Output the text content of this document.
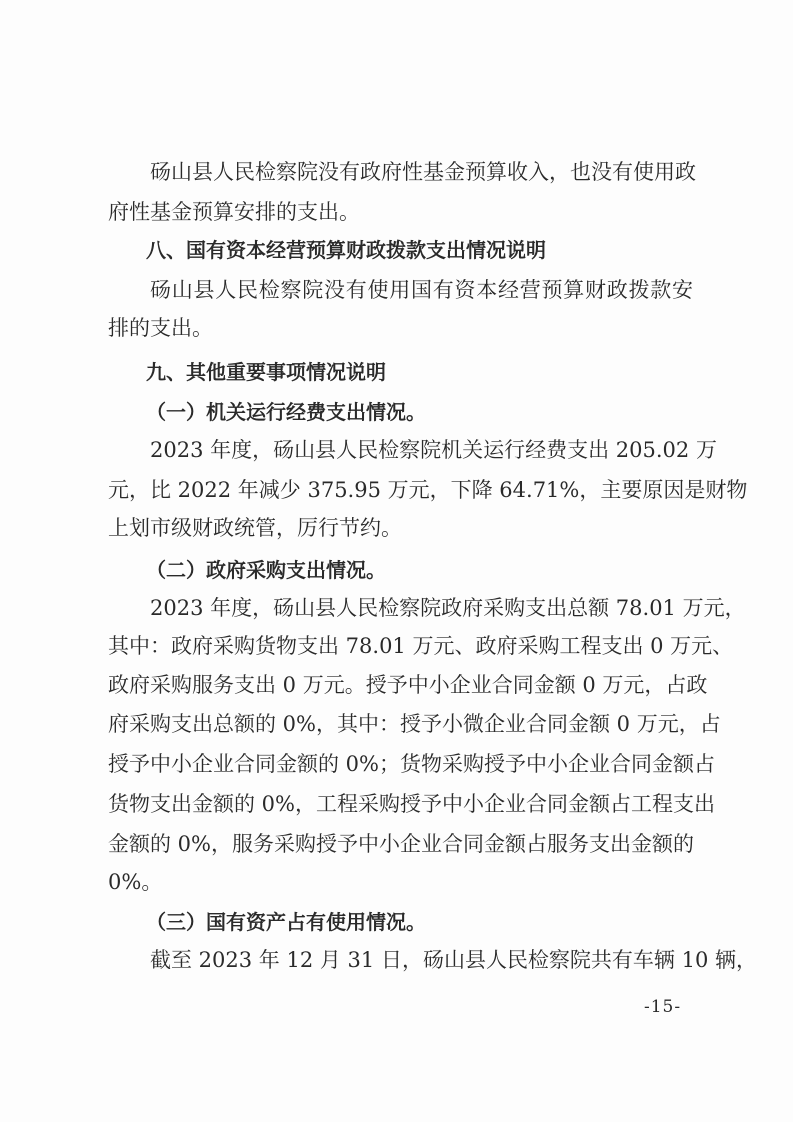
砀山县人民检察院没有政府性基金预算收入，也没有使用政
府性基金预算安排的支出。
八、国有资本经营预算财政拨款支出情况说明
砀山县人民检察院没有使用国有资本经营预算财政拨款安
排的支出。
九、其他重要事项情况说明
（一）机关运行经费支出情况。
2023 年度，砀山县人民检察院机关运行经费支出 205.02 万
元，比 2022 年减少 375.95 万元，下降 64.71%，主要原因是财物
上划市级财政统管，厉行节约。
（二）政府采购支出情况。
2023 年度，砀山县人民检察院政府采购支出总额 78.01 万元，
其中：政府采购货物支出 78.01 万元、政府采购工程支出 0 万元、
政府采购服务支出 0 万元。授予中小企业合同金额 0 万元，占政
府采购支出总额的 0%，其中：授予小微企业合同金额 0 万元，占
授予中小企业合同金额的 0%；货物采购授予中小企业合同金额占
货物支出金额的 0%，工程采购授予中小企业合同金额占工程支出
金额的 0%，服务采购授予中小企业合同金额占服务支出金额的
0%。
（三）国有资产占有使用情况。
截至 2023 年 12 月 31 日，砀山县人民检察院共有车辆 10 辆，
-15-
